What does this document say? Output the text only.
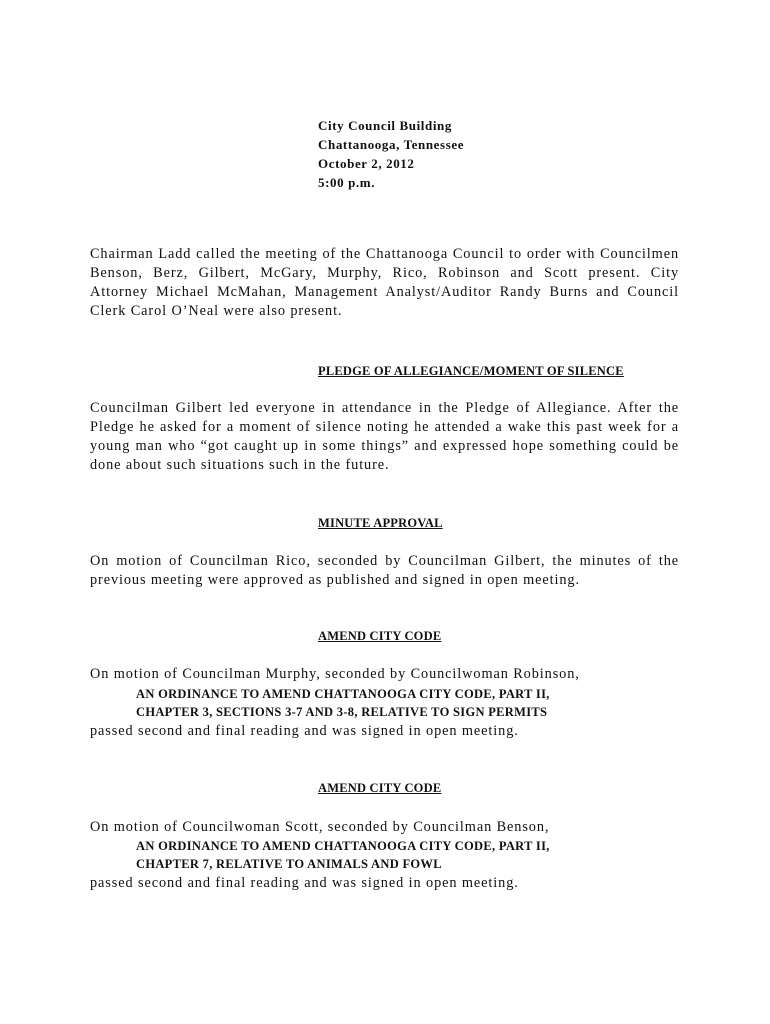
City Council Building
Chattanooga, Tennessee
October 2, 2012
5:00 p.m.
Chairman Ladd called the meeting of the Chattanooga Council to order with Councilmen Benson, Berz, Gilbert, McGary, Murphy, Rico, Robinson and Scott present. City Attorney Michael McMahan, Management Analyst/Auditor Randy Burns and Council Clerk Carol O’Neal were also present.
PLEDGE OF ALLEGIANCE/MOMENT OF SILENCE
Councilman Gilbert led everyone in attendance in the Pledge of Allegiance. After the Pledge he asked for a moment of silence noting he attended a wake this past week for a young man who “got caught up in some things” and expressed hope something could be done about such situations such in the future.
MINUTE APPROVAL
On motion of Councilman Rico, seconded by Councilman Gilbert, the minutes of the previous meeting were approved as published and signed in open meeting.
AMEND CITY CODE
On motion of Councilman Murphy, seconded by Councilwoman Robinson,
AN ORDINANCE TO AMEND CHATTANOOGA CITY CODE, PART II,
CHAPTER 3, SECTIONS 3-7 AND 3-8, RELATIVE TO SIGN PERMITS
passed second and final reading and was signed in open meeting.
AMEND CITY CODE
On motion of Councilwoman Scott, seconded by Councilman Benson,
AN ORDINANCE TO AMEND CHATTANOOGA CITY CODE, PART II,
CHAPTER 7, RELATIVE TO ANIMALS AND FOWL
passed second and final reading and was signed in open meeting.
